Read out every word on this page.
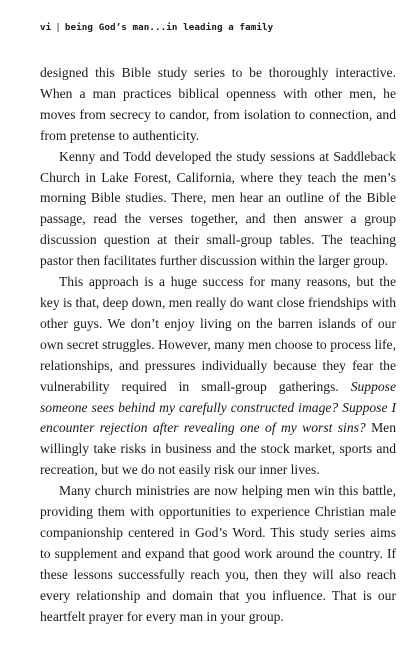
vi | being God’s man...in leading a family

designed this Bible study series to be thoroughly interactive. When a man practices biblical openness with other men, he moves from secrecy to candor, from isolation to connection, and from pretense to authenticity.

Kenny and Todd developed the study sessions at Saddleback Church in Lake Forest, California, where they teach the men’s morning Bible studies. There, men hear an outline of the Bible passage, read the verses together, and then answer a group discussion question at their small-group tables. The teaching pastor then facilitates further discussion within the larger group.

This approach is a huge success for many reasons, but the key is that, deep down, men really do want close friendships with other guys. We don’t enjoy living on the barren islands of our own secret struggles. However, many men choose to process life, relationships, and pressures individually because they fear the vulnerability required in small-group gatherings. Suppose someone sees behind my carefully constructed image? Suppose I encounter rejection after revealing one of my worst sins? Men willingly take risks in business and the stock market, sports and recreation, but we do not easily risk our inner lives.

Many church ministries are now helping men win this battle, providing them with opportunities to experience Christian male companionship centered in God’s Word. This study series aims to supplement and expand that good work around the country. If these lessons successfully reach you, then they will also reach every relationship and domain that you influence. That is our heartfelt prayer for every man in your group.
